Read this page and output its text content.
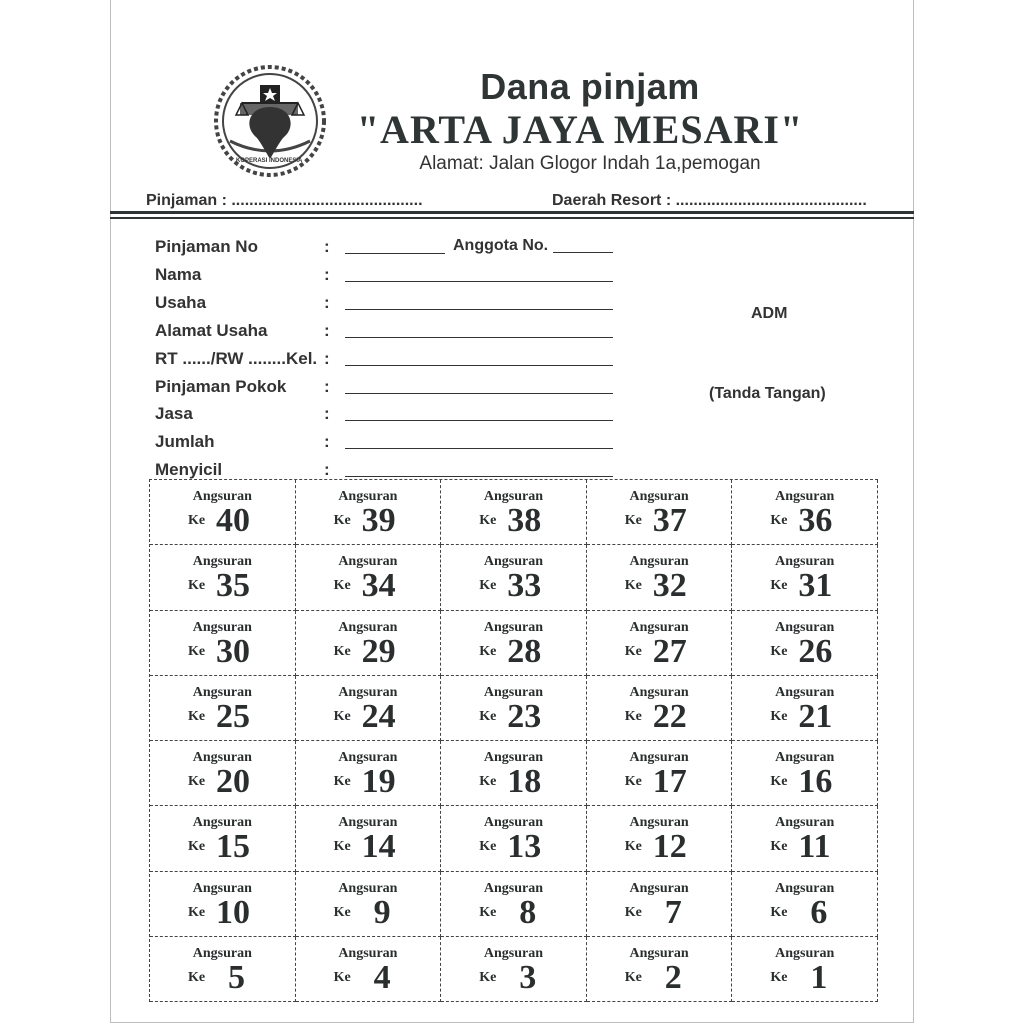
KOPERASI INDONESIA
Dana pinjam
"ARTA JAYA MESARI"
Alamat: Jalan Glogor Indah 1a,pemogan
Pinjaman : ...........................................	Daerah Resort : ...........................................
Pinjaman No	:
Nama	:
Usaha	:
Alamat Usaha	:
RT ....../RW ........Kel. :
Pinjaman Pokok :
Jasa	:
Jumlah	:
Menyicil	:
Anggota No.
ADM
(Tanda Tangan)
Angsuran
Ke 40
Angsuran
Ke 39
Angsuran
Ke 38
Angsuran
Ke 37
Angsuran
Ke 36
Angsuran
Ke 35
Angsuran
Ke 34
Angsuran
Ke 33
Angsuran
Ke 32
Angsuran
Ke 31
Angsuran
Ke 30
Angsuran
Ke 29
Angsuran
Ke 28
Angsuran
Ke 27
Angsuran
Ke 26
Angsuran
Ke 25
Angsuran
Ke 24
Angsuran
Ke 23
Angsuran
Ke 22
Angsuran
Ke 21
Angsuran
Ke 20
Angsuran
Ke 19
Angsuran
Ke 18
Angsuran
Ke 17
Angsuran
Ke 16
Angsuran
Ke 15
Angsuran
Ke 14
Angsuran
Ke 13
Angsuran
Ke 12
Angsuran
Ke 11
Angsuran
Ke 10
Angsuran
Ke 9
Angsuran
Ke 8
Angsuran
Ke 7
Angsuran
Ke 6
Angsuran
Ke 5
Angsuran
Ke 4
Angsuran
Ke 3
Angsuran
Ke 2
Angsuran
Ke 1
